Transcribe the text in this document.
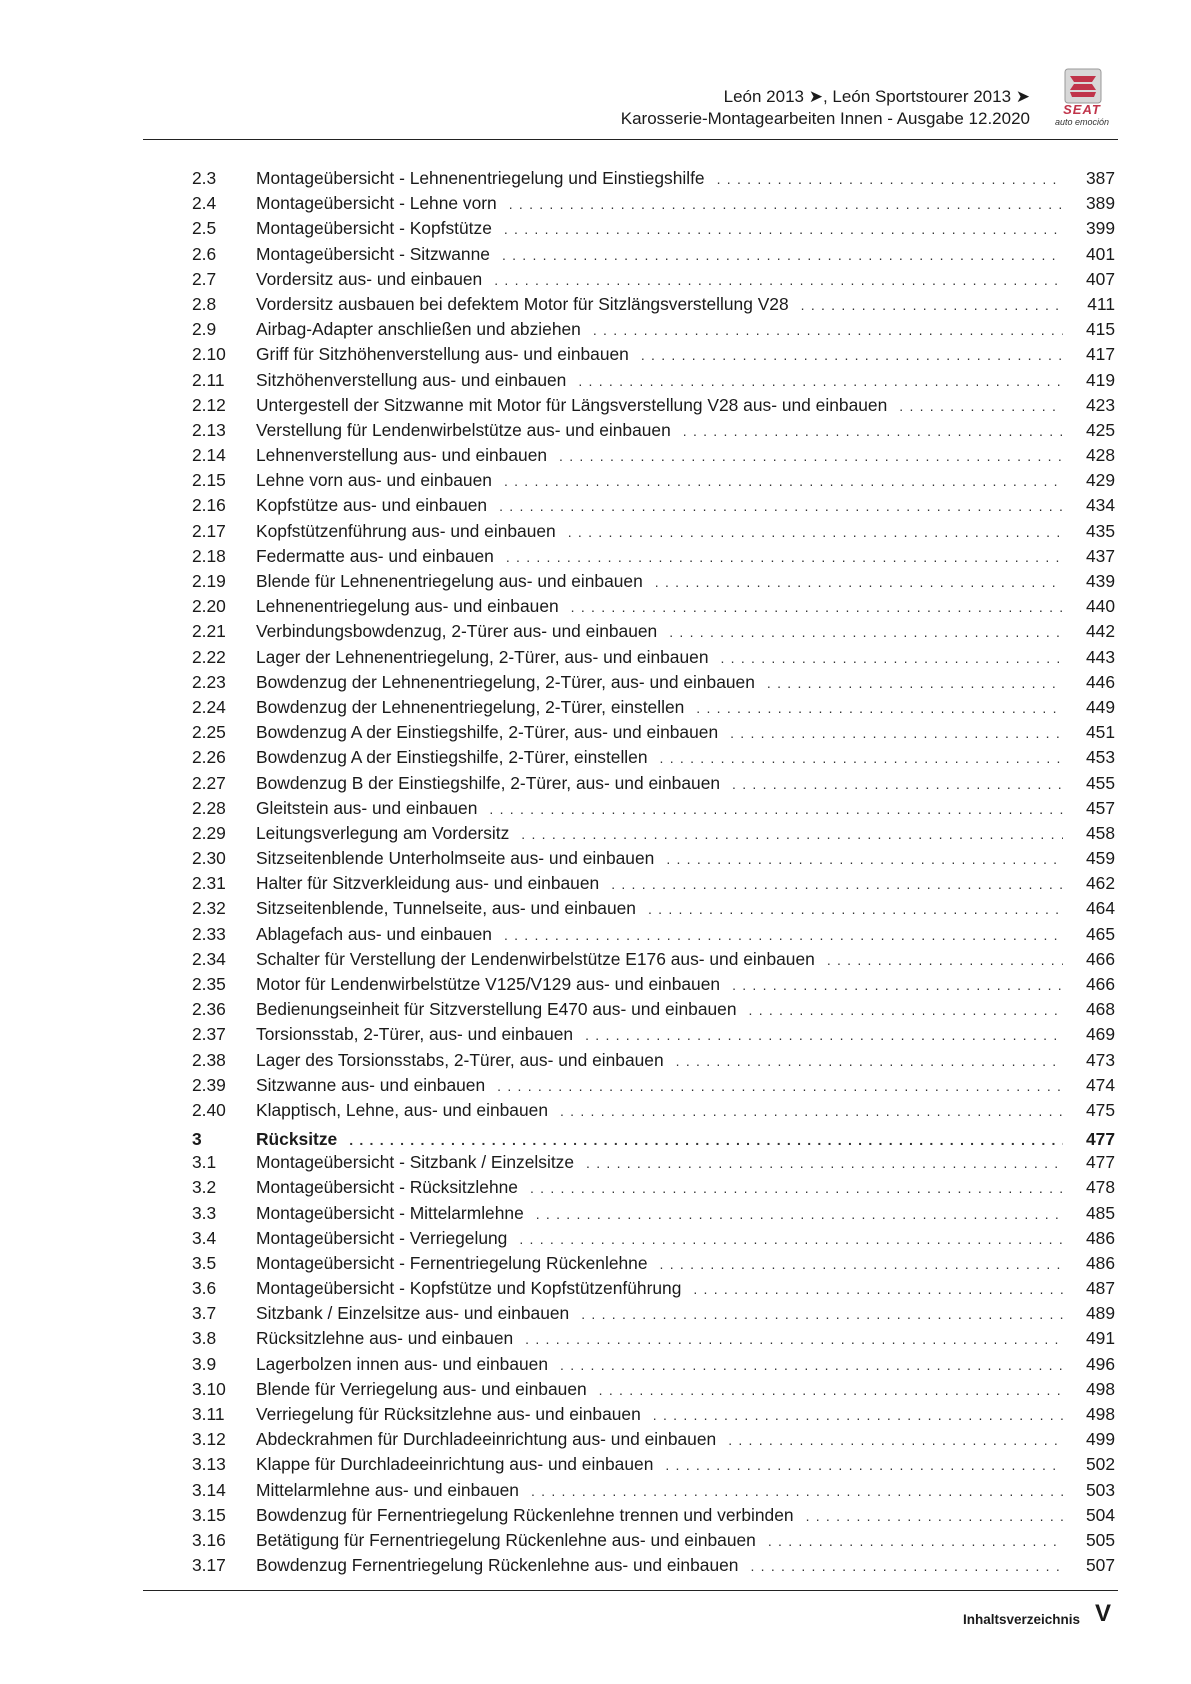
León 2013 ➤, León Sportstourer 2013 ➤
Karosserie-Montagearbeiten Innen - Ausgabe 12.2020	SEAT
auto emoción
2.3	Montageübersicht - Lehnenentriegelung und Einstiegshilfe . . .	387
2.4	Montageübersicht - Lehne vorn . . .	389
2.5	Montageübersicht - Kopfstütze . . .	399
2.6	Montageübersicht - Sitzwanne . . .	401
2.7	Vordersitz aus- und einbauen . . .	407
2.8	Vordersitz ausbauen bei defektem Motor für Sitzlängsverstellung V28 . . .	411
2.9	Airbag-Adapter anschließen und abziehen . . .	415
2.10	Griff für Sitzhöhenverstellung aus- und einbauen . . .	417
2.11	Sitzhöhenverstellung aus- und einbauen . . .	419
2.12	Untergestell der Sitzwanne mit Motor für Längsverstellung V28 aus- und einbauen . . .	423
2.13	Verstellung für Lendenwirbelstütze aus- und einbauen . . .	425
2.14	Lehnenverstellung aus- und einbauen . . .	428
2.15	Lehne vorn aus- und einbauen . . .	429
2.16	Kopfstütze aus- und einbauen . . .	434
2.17	Kopfstützenführung aus- und einbauen . . .	435
2.18	Federmatte aus- und einbauen . . .	437
2.19	Blende für Lehnenentriegelung aus- und einbauen . . .	439
2.20	Lehnenentriegelung aus- und einbauen . . .	440
2.21	Verbindungsbowdenzug, 2-Türer aus- und einbauen . . .	442
2.22	Lager der Lehnenentriegelung, 2-Türer, aus- und einbauen . . .	443
2.23	Bowdenzug der Lehnenentriegelung, 2-Türer, aus- und einbauen . . .	446
2.24	Bowdenzug der Lehnenentriegelung, 2-Türer, einstellen . . .	449
2.25	Bowdenzug A der Einstiegshilfe, 2-Türer, aus- und einbauen . . .	451
2.26	Bowdenzug A der Einstiegshilfe, 2-Türer, einstellen . . .	453
2.27	Bowdenzug B der Einstiegshilfe, 2-Türer, aus- und einbauen . . .	455
2.28	Gleitstein aus- und einbauen . . .	457
2.29	Leitungsverlegung am Vordersitz . . .	458
2.30	Sitzseitenblende Unterholmseite aus- und einbauen . . .	459
2.31	Halter für Sitzverkleidung aus- und einbauen . . .	462
2.32	Sitzseitenblende, Tunnelseite, aus- und einbauen . . .	464
2.33	Ablagefach aus- und einbauen . . .	465
2.34	Schalter für Verstellung der Lendenwirbelstütze E176 aus- und einbauen . . .	466
2.35	Motor für Lendenwirbelstütze V125/V129 aus- und einbauen . . .	466
2.36	Bedienungseinheit für Sitzverstellung E470 aus- und einbauen . . .	468
2.37	Torsionsstab, 2-Türer, aus- und einbauen . . .	469
2.38	Lager des Torsionsstabs, 2-Türer, aus- und einbauen . . .	473
2.39	Sitzwanne aus- und einbauen . . .	474
2.40	Klapptisch, Lehne, aus- und einbauen . . .	475
3	Rücksitze . . .	477
3.1	Montageübersicht - Sitzbank / Einzelsitze . . .	477
3.2	Montageübersicht - Rücksitzlehne . . .	478
3.3	Montageübersicht - Mittelarmlehne . . .	485
3.4	Montageübersicht - Verriegelung . . .	486
3.5	Montageübersicht - Fernentriegelung Rückenlehne . . .	486
3.6	Montageübersicht - Kopfstütze und Kopfstützenführung . . .	487
3.7	Sitzbank / Einzelsitze aus- und einbauen . . .	489
3.8	Rücksitzlehne aus- und einbauen . . .	491
3.9	Lagerbolzen innen aus- und einbauen . . .	496
3.10	Blende für Verriegelung aus- und einbauen . . .	498
3.11	Verriegelung für Rücksitzlehne aus- und einbauen . . .	498
3.12	Abdeckrahmen für Durchladeeinrichtung aus- und einbauen . . .	499
3.13	Klappe für Durchladeeinrichtung aus- und einbauen . . .	502
3.14	Mittelarmlehne aus- und einbauen . . .	503
3.15	Bowdenzug für Fernentriegelung Rückenlehne trennen und verbinden . . .	504
3.16	Betätigung für Fernentriegelung Rückenlehne aus- und einbauen . . .	505
3.17	Bowdenzug Fernentriegelung Rückenlehne aus- und einbauen . . .	507
Inhaltsverzeichnis V
